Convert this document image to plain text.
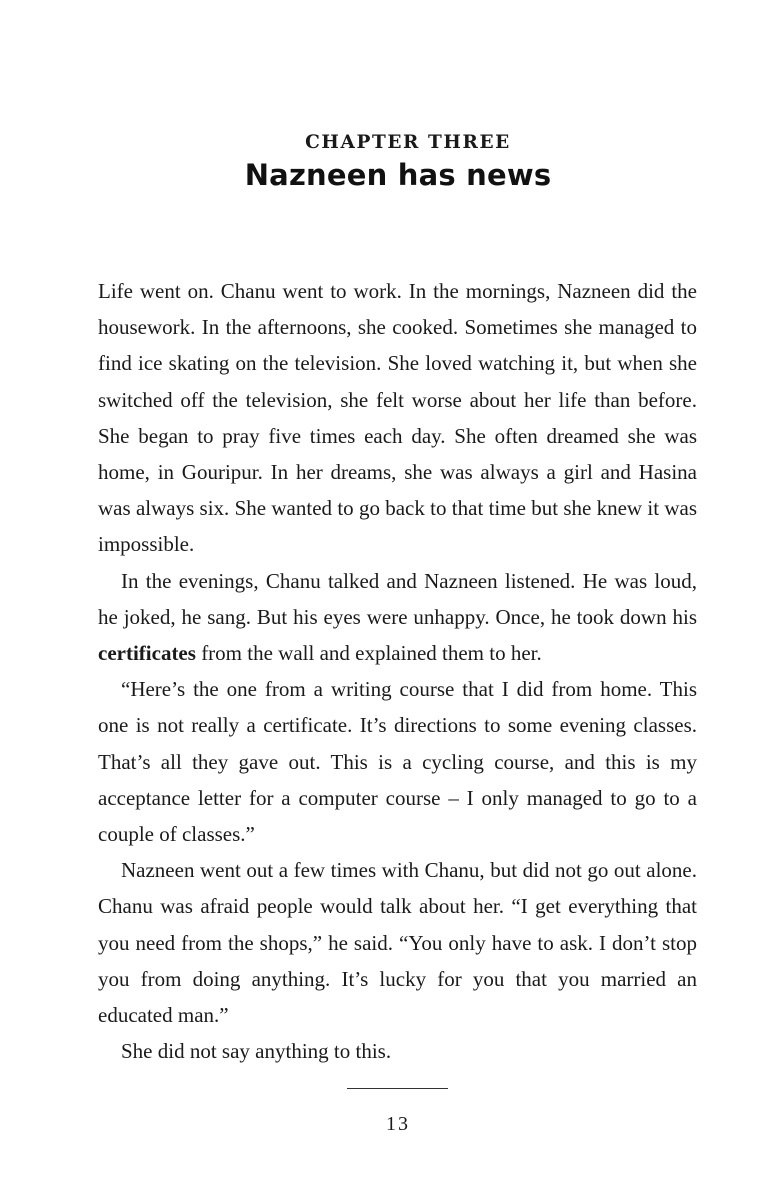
CHAPTER THREE
Nazneen has news

Life went on. Chanu went to work. In the mornings, Nazneen did the housework. In the afternoons, she cooked. Sometimes she managed to find ice skating on the television. She loved watching it, but when she switched off the television, she felt worse about her life than before. She began to pray five times each day. She often dreamed she was home, in Gouripur. In her dreams, she was always a girl and Hasina was always six. She wanted to go back to that time but she knew it was impossible.

In the evenings, Chanu talked and Nazneen listened. He was loud, he joked, he sang. But his eyes were unhappy. Once, he took down his certificates from the wall and explained them to her.

“Here’s the one from a writing course that I did from home. This one is not really a certificate. It’s directions to some evening classes. That’s all they gave out. This is a cycling course, and this is my acceptance letter for a computer course – I only managed to go to a couple of classes.”

Nazneen went out a few times with Chanu, but did not go out alone. Chanu was afraid people would talk about her. “I get everything that you need from the shops,” he said. “You only have to ask. I don’t stop you from doing anything. It’s lucky for you that you married an educated man.”

She did not say anything to this.

13
